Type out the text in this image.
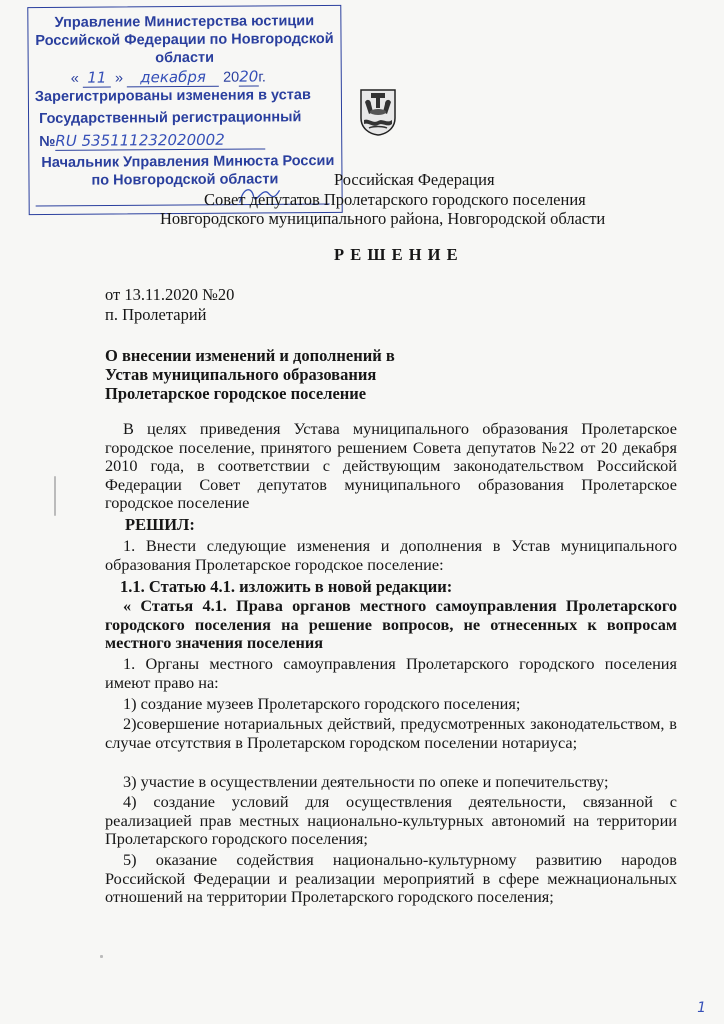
Управление Министерства юстиции
Российской Федерации по Новгородской
области
« 11 » декабря 2020г.
Зарегистрированы изменения в устав
Государственный регистрационный
№RU 535111232020002
Начальник Управления Минюста России
по Новгородской области	Российская Федерация
Совет депутатов Пролетарского городского поселения
Новгородского муниципального района, Новгородской области
Р Е Ш Е Н И Е
от 13.11.2020 №20
п. Пролетарий
О внесении изменений и дополнений в
Устав муниципального образования
Пролетарское городское поселение
В целях приведения Устава муниципального образования Пролетарское городское поселение, принятого решением Совета депутатов №22 от 20 декабря 2010 года, в соответствии с действующим законодательством Российской Федерации Совет депутатов муниципального образования Пролетарское городское поселение
РЕШИЛ:
1. Внести следующие изменения и дополнения в Устав муниципального образования Пролетарское городское поселение:
1.1. Статью 4.1. изложить в новой редакции:
« Статья 4.1. Права органов местного самоуправления Пролетарского городского поселения на решение вопросов, не отнесенных к вопросам местного значения поселения
1. Органы местного самоуправления Пролетарского городского поселения имеют право на:
1) создание музеев Пролетарского городского поселения;
2)совершение нотариальных действий, предусмотренных законодательством, в случае отсутствия в Пролетарском городском поселении нотариуса;
3) участие в осуществлении деятельности по опеке и попечительству;
4) создание условий для осуществления деятельности, связанной с реализацией прав местных национально-культурных автономий на территории Пролетарского городского поселения;
5) оказание содействия национально-культурному развитию народов Российской Федерации и реализации мероприятий в сфере межнациональных отношений на территории Пролетарского городского поселения;
1
